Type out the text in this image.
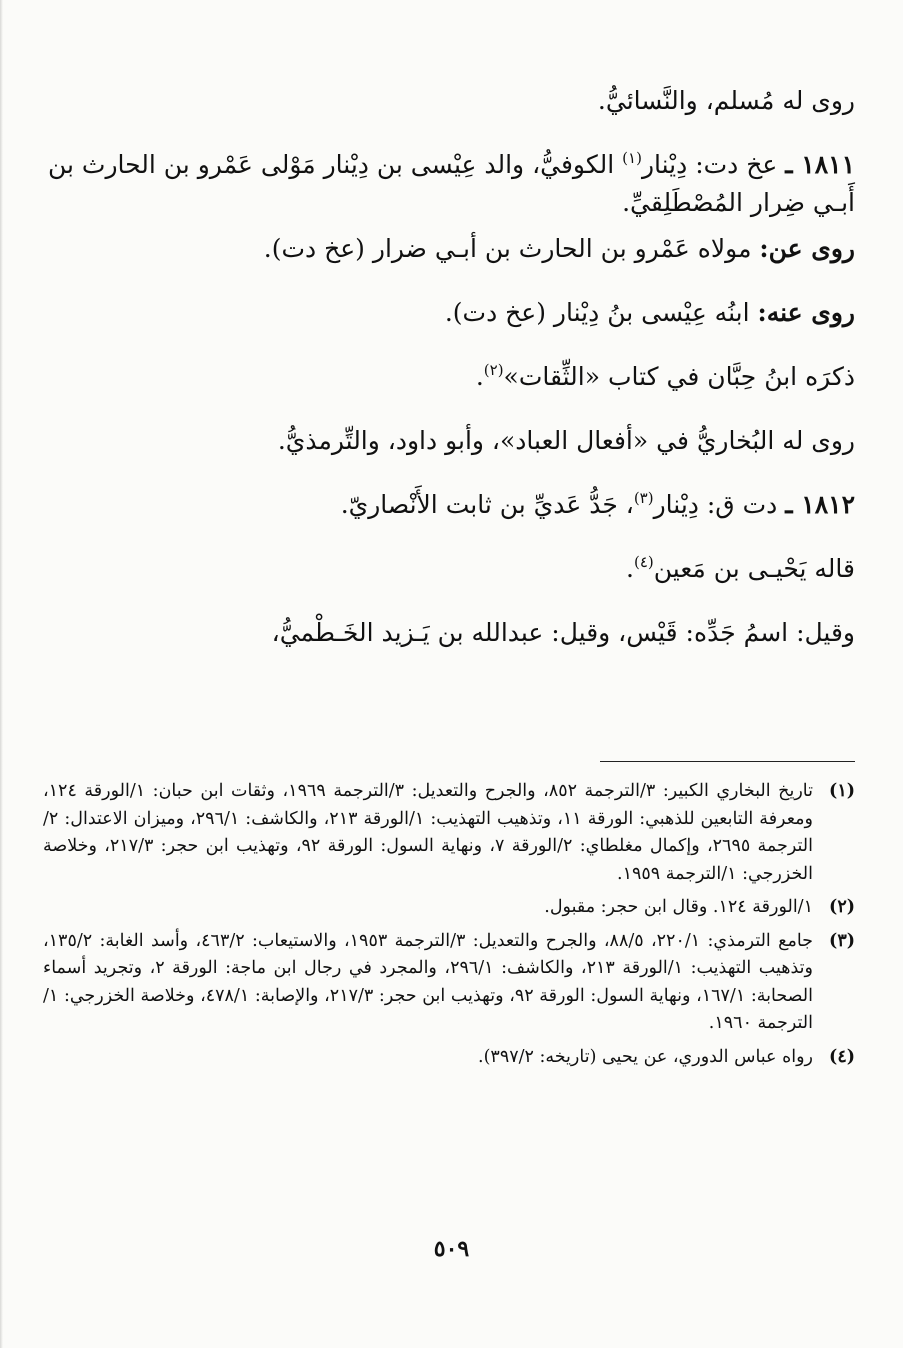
روى له مُسلم، والنَّسائيُّ.

١٨١١ ـ عخ دت: دِيْنار$^{(١)}$ الكوفيُّ، والد عِيْسى بن دِيْنار مَوْلى عَمْرو بن الحارث بن أَبـي ضِرار المُصْطَلِقيِّ.

روى عن: مولاه عَمْرو بن الحارث بن أبـي ضرار (عخ دت).

روى عنه: ابنُه عِيْسى بنُ دِيْنار (عخ دت).

ذكرَه ابنُ حِبَّان في كتاب «الثِّقات»$^{(٢)}$.

روى له البُخاريُّ في «أفعال العباد»، وأبو داود، والتِّرمذيُّ.

١٨١٢ ـ دت ق: دِيْنار$^{(٣)}$، جَدُّ عَديِّ بن ثابت الأَنْصاريّ.

قاله يَحْيـى بن مَعين$^{(٤)}$.

وقيل: اسمُ جَدِّه: قَيْس، وقيل: عبدالله بن يَـزيد الخَـطْميُّ،

(١)
تاريخ البخاري الكبير: ٣/الترجمة ٨٥٢، والجرح والتعديل: ٣/الترجمة ١٩٦٩، وثقات ابن حبان: ١/الورقة ١٢٤، ومعرفة التابعين للذهبي: الورقة ١١، وتذهيب التهذيب: ١/الورقة ٢١٣، والكاشف: ٢٩٦/١، وميزان الاعتدال: ٢/الترجمة ٢٦٩٥، وإكمال مغلطاي: ٢/الورقة ٧، ونهاية السول: الورقة ٩٢، وتهذيب ابن حجر: ٢١٧/٣، وخلاصة الخزرجي: ١/الترجمة ١٩٥٩.
(٢)
١/الورقة ١٢٤. وقال ابن حجر: مقبول.
(٣)
جامع الترمذي: ٢٢٠/١، ٨٨/٥، والجرح والتعديل: ٣/الترجمة ١٩٥٣، والاستيعاب: ٤٦٣/٢، وأسد الغابة: ١٣٥/٢، وتذهيب التهذيب: ١/الورقة ٢١٣، والكاشف: ٢٩٦/١، والمجرد في رجال ابن ماجة: الورقة ٢، وتجريد أسماء الصحابة: ١٦٧/١، ونهاية السول: الورقة ٩٢، وتهذيب ابن حجر: ٢١٧/٣، والإصابة: ٤٧٨/١، وخلاصة الخزرجي: ١/الترجمة ١٩٦٠.
(٤)
رواه عباس الدوري، عن يحيى (تاريخه: ٣٩٧/٢).
٥٠٩
